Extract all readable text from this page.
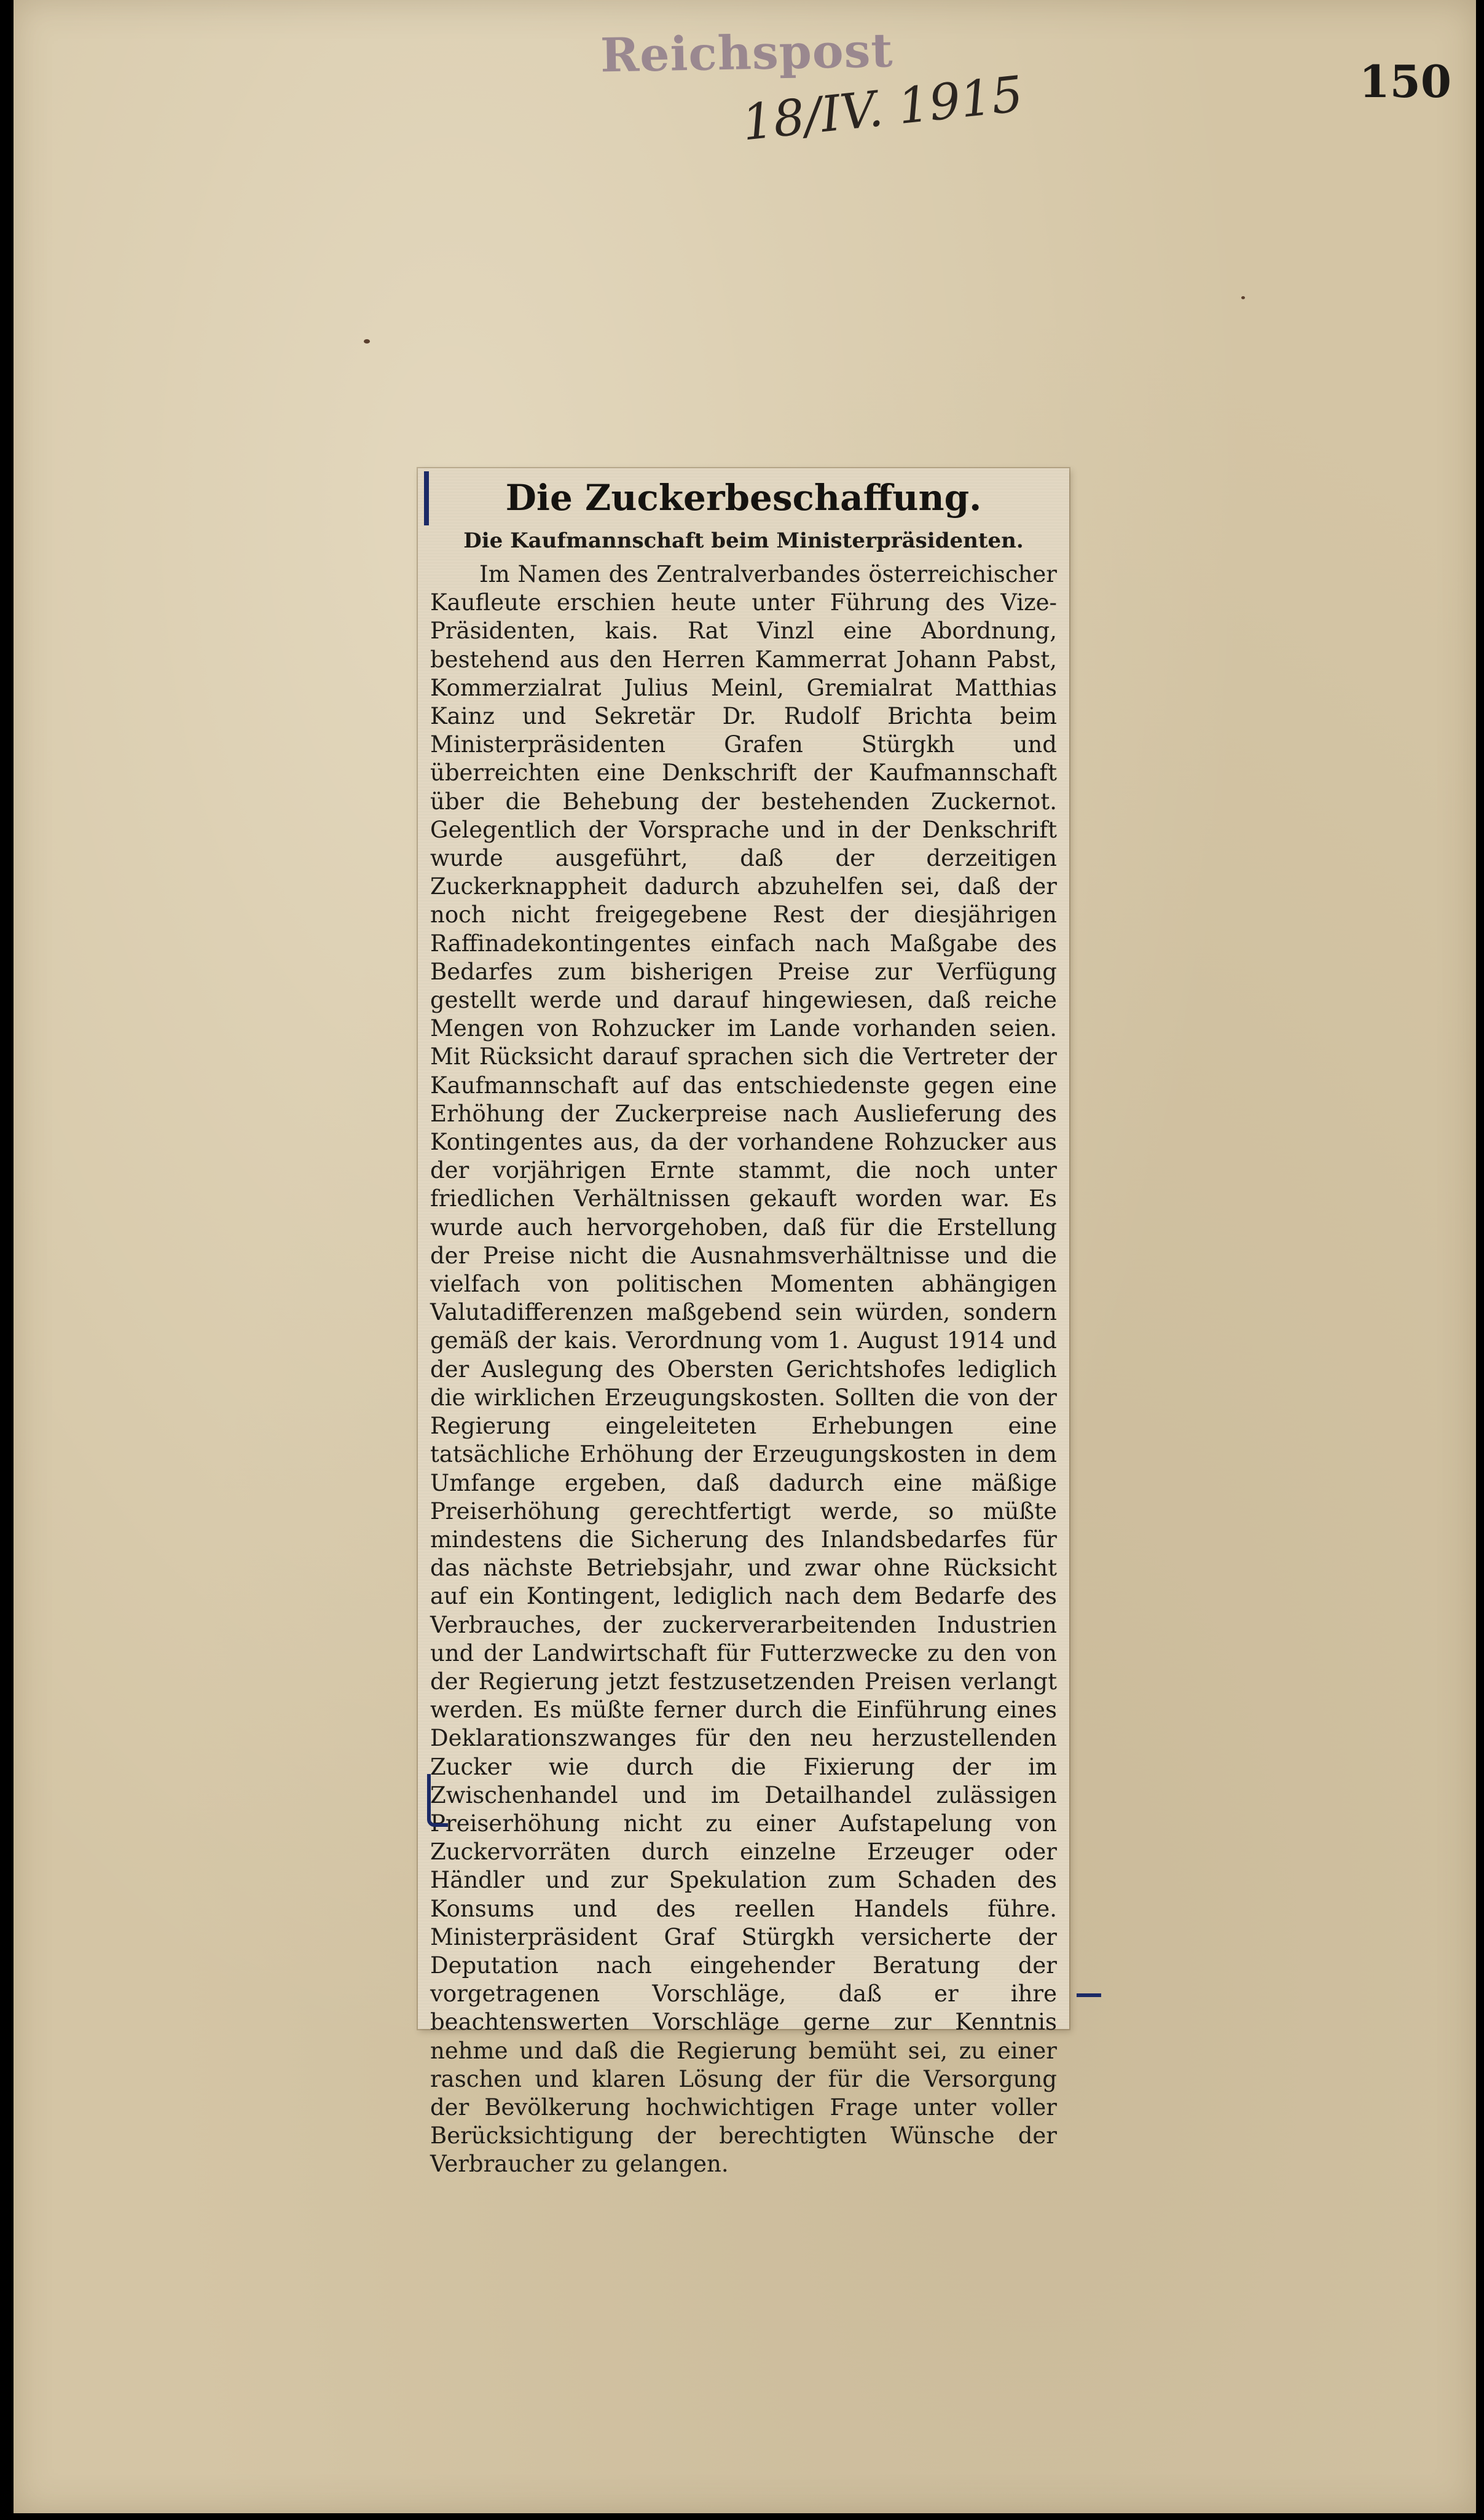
Reichspost
18/IV. 1915	150
Die Zuckerbeschaffung.
Die Kaufmannschaft beim Ministerpräsidenten.

Im Namen des Zentralverbandes österreichischer Kaufleute erschien heute unter Führung des Vize-Präsidenten, kais. Rat Vinzl eine Abordnung, bestehend aus den Herren Kammerrat Johann Pabst, Kommerzialrat Julius Meinl, Gremialrat Matthias Kainz und Sekretär Dr. Rudolf Brichta beim Ministerpräsidenten Grafen Stürgkh und überreichten eine Denkschrift der Kaufmannschaft über die Behebung der bestehenden Zuckernot. Gelegentlich der Vorsprache und in der Denkschrift wurde ausgeführt, daß der derzeitigen Zuckerknappheit dadurch abzuhelfen sei, daß der noch nicht freigegebene Rest der diesjährigen Raffinadekontingentes einfach nach Maßgabe des Bedarfes zum bisherigen Preise zur Verfügung gestellt werde und darauf hingewiesen, daß reiche Mengen von Rohzucker im Lande vorhanden seien. Mit Rücksicht darauf sprachen sich die Vertreter der Kaufmannschaft auf das entschiedenste gegen eine Erhöhung der Zuckerpreise nach Auslieferung des Kontingentes aus, da der vorhandene Rohzucker aus der vorjährigen Ernte stammt, die noch unter friedlichen Verhältnissen gekauft worden war. Es wurde auch hervorgehoben, daß für die Erstellung der Preise nicht die Ausnahmsverhältnisse und die vielfach von politischen Momenten abhängigen Valutadifferenzen maßgebend sein würden, sondern gemäß der kais. Verordnung vom 1. August 1914 und der Auslegung des Obersten Gerichtshofes lediglich die wirklichen Erzeugungskosten. Sollten die von der Regierung eingeleiteten Erhebungen eine tatsächliche Erhöhung der Erzeugungskosten in dem Umfange ergeben, daß dadurch eine mäßige Preiserhöhung gerechtfertigt werde, so müßte mindestens die Sicherung des Inlandsbedarfes für das nächste Betriebsjahr, und zwar ohne Rücksicht auf ein Kontingent, lediglich nach dem Bedarfe des Verbrauches, der zuckerverarbeitenden Industrien und der Landwirtschaft für Futterzwecke zu den von der Regierung jetzt festzusetzenden Preisen verlangt werden. Es müßte ferner durch die Einführung eines Deklarationszwanges für den neu herzustellenden Zucker wie durch die Fixierung der im Zwischenhandel und im Detailhandel zulässigen Preiserhöhung nicht zu einer Aufstapelung von Zuckervorräten durch einzelne Erzeuger oder Händler und zur Spekulation zum Schaden des Konsums und des reellen Handels führe. Ministerpräsident Graf Stürgkh versicherte der Deputation nach eingehender Beratung der vorgetragenen Vorschläge, daß er ihre beachtenswerten Vorschläge gerne zur Kenntnis nehme und daß die Regierung bemüht sei, zu einer raschen und klaren Lösung der für die Versorgung der Bevölkerung hochwichtigen Frage unter voller Berücksichtigung der berechtigten Wünsche der Verbraucher zu gelangen.
